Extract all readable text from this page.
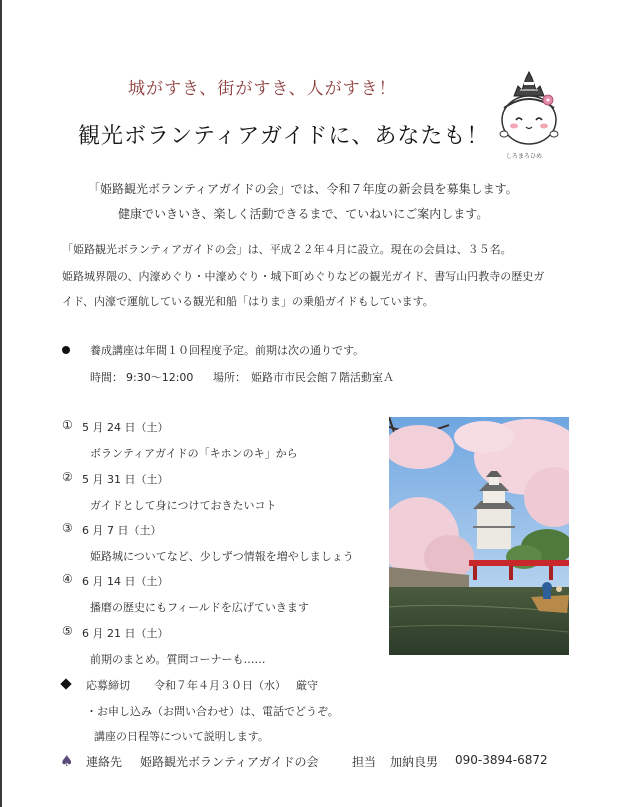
城がすき、街がすき、人がすき！
観光ボランティアガイドに、あなたも！
しろまろひめ
「姫路観光ボランティアガイドの会」では、令和７年度の新会員を募集します。
健康でいきいき、楽しく活動できるまで、ていねいにご案内します。
「姫路観光ボランティアガイドの会」は、平成２２年４月に設立。現在の会員は、３５名。
姫路城界隈の、内濠めぐり・中濠めぐり・城下町めぐりなどの観光ガイド、書写山円教寺の歴史ガ
イド、内濠で運航している観光和船「はりま」の乗船ガイドもしています。
養成講座は年間１０回程度予定。前期は次の通りです。
時間： 9:30～12:00 場所： 姫路市市民会館７階活動室Ａ
① 5 月 24 日（土）
ボランティアガイドの「キホンのキ」から
② 5 月 31 日（土）
ガイドとして身につけておきたいコト
③ 6 月 7 日（土）
姫路城についてなど、少しずつ情報を増やしましょう
④ 6 月 14 日（土）
播磨の歴史にもフィールドを広げていきます
⑤ 6 月 21 日（土）
前期のまとめ。質問コーナーも……
応募締切 令和７年４月３０日（水） 厳守
・お申し込み（お問い合わせ）は、電話でどうぞ。
講座の日程等について説明します。
♠ 連絡先 姫路観光ボランティアガイドの会	担当 加納良男 090-3894-6872
